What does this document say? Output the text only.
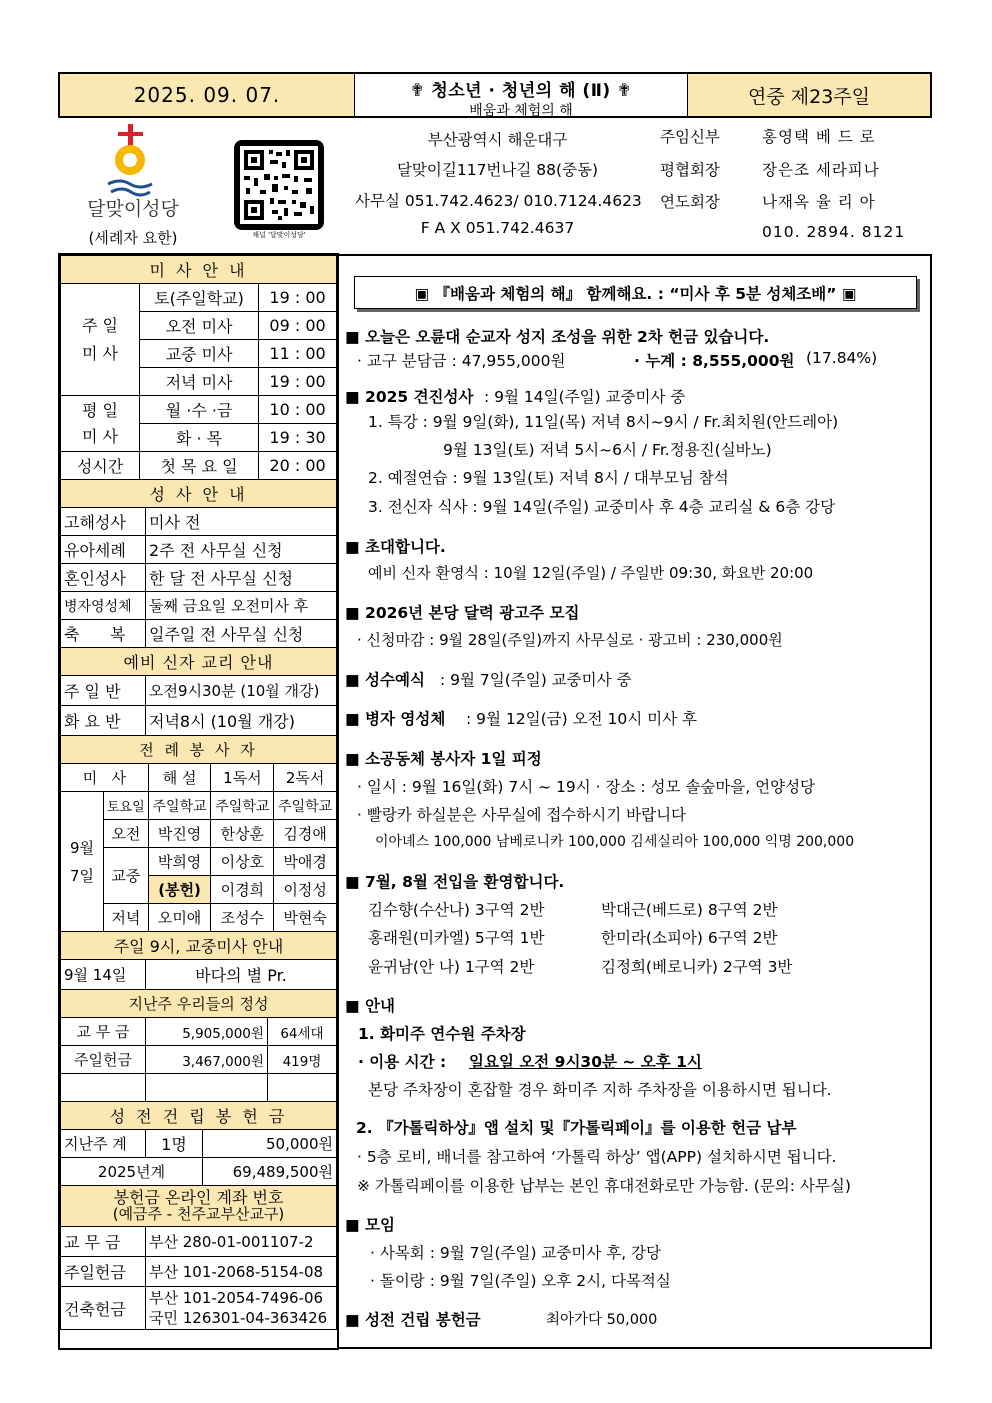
2025. 09. 07.	✟ 청소년 · 청년의 해 (Ⅱ) ✟
배움과 체험의 해
연중 제23주일
달맞이성당
(세례자 요한)	채널 '달맞이성당'
부산광역시 해운대구
달맞이길117번나길 88(중동)
사무실 051.742.4623/ 010.7124.4623
F A X 051.742.4637
주임신부	홍영택 베 드 로
평협회장	장은조 세라피나
연도회장	나재옥 율 리 아
010. 2894. 8121
미 사 안 내		
주 일
미 사	토(주일학교)	19 : 00
	오전 미사	09 : 00
	교중 미사	11 : 00
	저녁 미사	19 : 00
평 일
미 사	월 ·수 ·금	10 : 00
	화 · 목	19 : 30
성시간	첫 목 요 일	20 : 00
성 사 안 내	
고해성사	미사 전
유아세례	2주 전 사무실 신청
혼인성사	한 달 전 사무실 신청
병자영성체	둘째 금요일 오전미사 후
축      복	일주일 전 사무실 신청
예비 신자 교리 안내	
주 일 반	오전9시30분 (10월 개강)
화 요 반	저녁8시 (10월 개강)
전 례 봉 사 자				
미   사		해 설	1독서	2독서
9월
7일	토요일	주일학교	주일학교	주일학교
	오전	박진영	한상훈	김경애
	교중	박희영	이상호	박애경
		(봉헌)	이경희	이정성
	저녁	오미애	조성수	박현숙
주일 9시, 교중미사 안내
9월 14일	바다의 별 Pr.
지난주 우리들의 정성		
교 무 금	5,905,000원	64세대
주일헌금	3,467,000원	419명

성 전 건 립 봉 헌 금		
지난주 계	1명	50,000원
2025년계		69,489,500원
봉헌금 온라인 계좌 번호
(예금주 - 천주교부산교구)	

교 무 금	부산 280-01-001107-2
주일헌금	부산 101-2068-5154-08
건축헌금	부산 101-2054-7496-06
국민 126301-04-363426
▣ 『배움과 체험의 해』 함께해요. : “미사 후 5분 성체조배” ▣
■ 오늘은 오륜대 순교자 성지 조성을 위한 2차 헌금 있습니다.
· 교구 분담금 : 47,955,000원	· 누계 : 8,555,000원 (17.84%)
■ 2025 견진성사 : 9월 14일(주일) 교중미사 중
1. 특강 : 9월 9일(화), 11일(목) 저녁 8시~9시 / Fr.최치원(안드레아)
9월 13일(토) 저녁 5시~6시 / Fr.정용진(실바노)
2. 예절연습 : 9월 13일(토) 저녁 8시 / 대부모님 참석
3. 전신자 식사 : 9월 14일(주일) 교중미사 후 4층 교리실 & 6층 강당
■ 초대합니다.
예비 신자 환영식 : 10월 12일(주일) / 주일반 09:30, 화요반 20:00
■ 2026년 본당 달력 광고주 모집
· 신청마감 : 9월 28일(주일)까지 사무실로 · 광고비 : 230,000원
■ 성수예식 : 9월 7일(주일) 교중미사 중
■ 병자 영성체 : 9월 12일(금) 오전 10시 미사 후
■ 소공동체 봉사자 1일 피정
· 일시 : 9월 16일(화) 7시 ~ 19시 · 장소 : 성모 솔숲마을, 언양성당
· 빨랑카 하실분은 사무실에 접수하시기 바랍니다
이아녜스 100,000 남베로니카 100,000 김세실리아 100,000 익명 200,000
■ 7월, 8월 전입을 환영합니다.
김수향(수산나) 3구역 2반	박대근(베드로) 8구역 2반
홍래원(미카엘) 5구역 1반	한미라(소피아) 6구역 2반
윤귀남(안 나) 1구역 2반	김정희(베로니카) 2구역 3반
■ 안내
1. 화미주 연수원 주차장
· 이용 시간 : 일요일 오전 9시30분 ~ 오후 1시
본당 주차장이 혼잡할 경우 화미주 지하 주차장을 이용하시면 됩니다.
2. 『가톨릭하상』앱 설치 및『가톨릭페이』를 이용한 헌금 납부
· 5층 로비, 배너를 참고하여 ‘가톨릭 하상’ 앱(APP) 설치하시면 됩니다.
※ 가톨릭페이를 이용한 납부는 본인 휴대전화로만 가능함. (문의: 사무실)
■ 모임
· 사목회 : 9월 7일(주일) 교중미사 후, 강당
· 돌이랑 : 9월 7일(주일) 오후 2시, 다목적실
■ 성전 건립 봉헌금	최아가다 50,000
